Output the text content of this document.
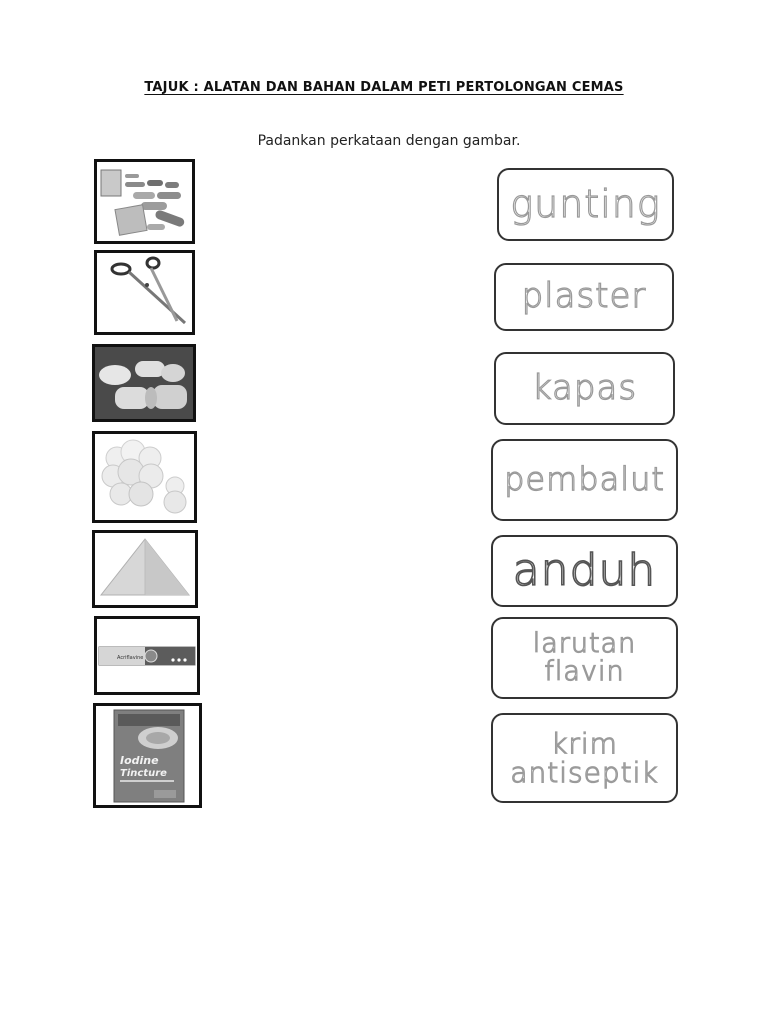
TAJUK : ALATAN DAN BAHAN DALAM PETI PERTOLONGAN CEMAS
Padankan perkataan dengan gambar.
Acriflavine
Iodine
Tincture
gunting
plaster
kapas
pembalut
anduh
larutan
flavin
krim
antiseptik
